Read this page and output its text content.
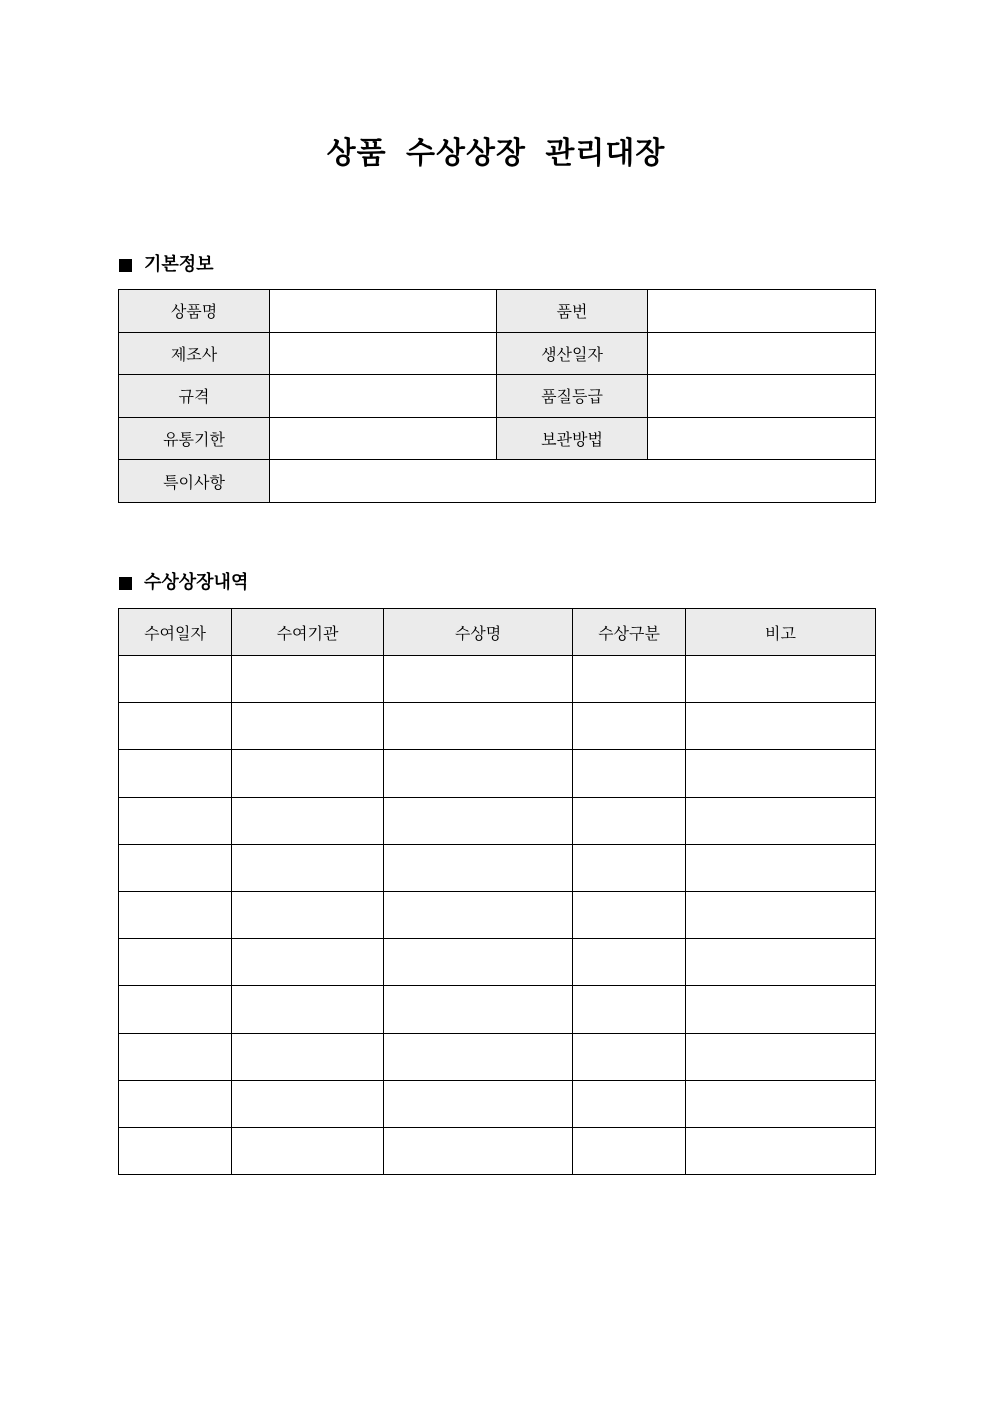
상품 수상상장 관리대장
기본정보
상품명		품번	
제조사		생산일자	
규격		품질등급	
유통기한		보관방법	
특이사항			
수상상장내역
수여일자	수여기관	수상명	수상구분	비고
